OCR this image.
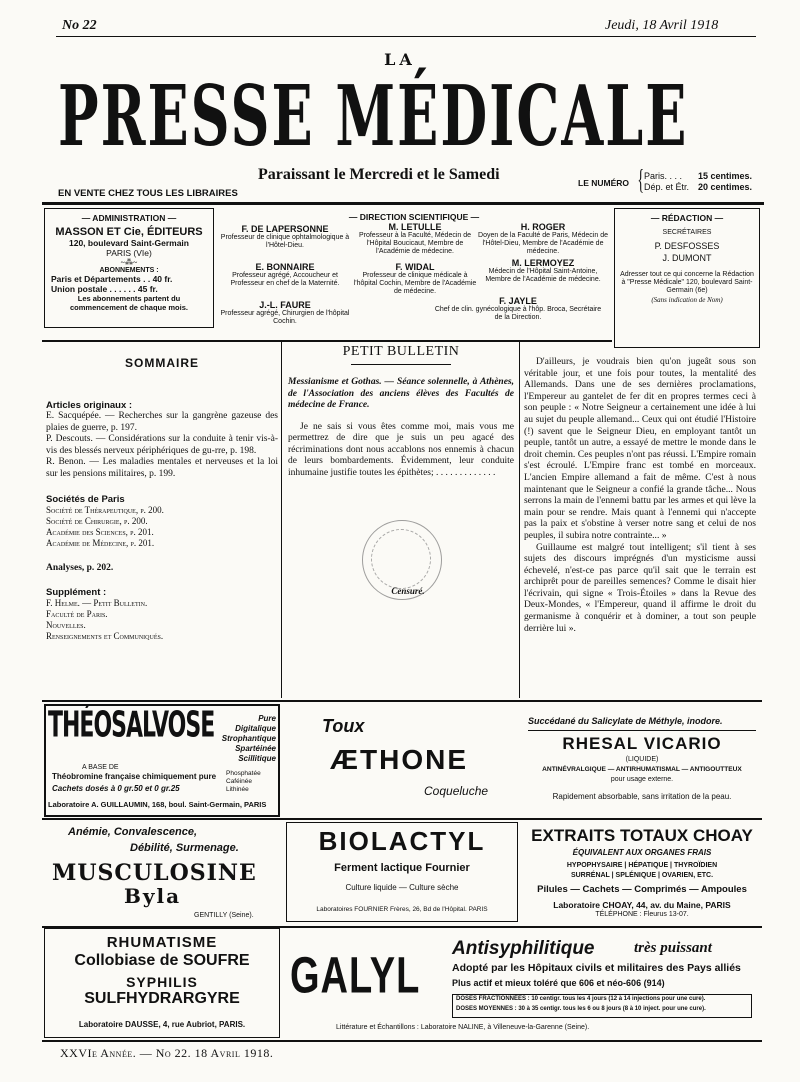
No 22	Jeudi, 18 Avril 1918
LA
PRESSE MÉDICALE
Paraissant le Mercredi et le Samedi
EN VENTE CHEZ TOUS LES LIBRAIRES
LE NUMÉRO { Paris. . . . 15 centimes.
Dép. et Étr. 20 centimes.
— ADMINISTRATION —
MASSON ET Cie, ÉDITEURS
120, boulevard Saint-Germain
PARIS (VIe)
~⁂~
ABONNEMENTS :
Paris et Départements . . 40 fr.
Union postale . . . . . . 45 fr.
Les abonnements partent du commencement de chaque mois.
— DIRECTION SCIENTIFIQUE —
F. DE LAPERSONNE
Professeur de clinique ophtalmologique à l'Hôtel-Dieu.
M. LETULLE
Professeur à la Faculté, Médecin de l'Hôpital Boucicaut, Membre de l'Académie de médecine.
H. ROGER
Doyen de la Faculté de Paris, Médecin de l'Hôtel-Dieu, Membre de l'Académie de médecine.
E. BONNAIRE
Professeur agrégé, Accoucheur et Professeur en chef de la Maternité.
F. WIDAL
Professeur de clinique médicale à l'hôpital Cochin, Membre de l'Académie de médecine.
M. LERMOYEZ
Médecin de l'Hôpital Saint-Antoine, Membre de l'Académie de médecine.
J.-L. FAURE
Professeur agrégé, Chirurgien de l'hôpital Cochin.
F. JAYLE
Chef de clin. gynécologique à l'hôp. Broca, Secrétaire de la Direction.
— RÉDACTION —
SECRÉTAIRES
P. DESFOSSES
J. DUMONT
Adresser tout ce qui concerne la Rédaction à "Presse Médicale" 120, boulevard Saint-Germain (6e)
(Sans indication de Nom)
SOMMAIRE
Articles originaux :

E. Sacquépée. — Recherches sur la gangrène gazeuse des plaies de guerre, p. 197.

P. Descouts. — Considérations sur la conduite à tenir vis-à-vis des blessés nerveux périphériques de gu-rre, p. 198.

R. Benon. — Les maladies mentales et nerveuses et la loi sur les pensions militaires, p. 199.

Sociétés de Paris
Société de Thérapeutique, p. 200.
Société de Chirurgie, p. 200.
Académie des Sciences, p. 201.
Académie de Médecine, p. 201.
Analyses, p. 202.
Supplément :
F. Helme. — Petit Bulletin.
Faculté de Paris.
Nouvelles.
Renseignements et Communiqués.
PETIT BULLETIN

Messianisme et Gothas. — Séance solennelle, à Athènes, de l'Association des anciens élèves des Facultés de médecine de France.

Je ne sais si vous êtes comme moi, mais vous me permettrez de dire que je suis un peu agacé des récriminations dont nous accablons nos ennemis à chacun de leurs bombardements. Évidemment, leur conduite inhumaine justifie toutes les épithètes; . . . . . . . . . . . . .

Censuré.

D'ailleurs, je voudrais bien qu'on jugeât sous son véritable jour, et une fois pour toutes, la mentalité des Allemands. Dans une de ses dernières proclamations, l'Empereur au gantelet de fer dit en propres termes ceci à son peuple : « Notre Seigneur a certainement une idée à lui au sujet du peuple allemand... Ceux qui ont étudié l'Histoire (!) savent que le Seigneur Dieu, en employant tantôt un peuple, tantôt un autre, a essayé de mettre le monde dans le droit chemin. Ces peuples n'ont pas réussi. L'Empire romain s'est écroulé. L'Empire franc est tombé en morceaux. L'ancien Empire allemand a fait de même. C'est à nous maintenant que le Seigneur a confié la grande tâche... Nous serrons la main de l'ennemi battu par les armes et qui lève la main pour se rendre. Mais quant à l'ennemi qui n'accepte pas la paix et s'obstine à verser notre sang et celui de nos peuples, il subira notre contrainte... »

Guillaume est malgré tout intelligent; s'il tient à ses sujets des discours imprégnés d'un mysticisme aussi échevelé, n'est-ce pas parce qu'il sait que le terrain est archiprêt pour de pareilles semences? Comme le disait hier l'écrivain, qui signe « Trois-Étoiles » dans la Revue des Deux-Mondes, « l'Empereur, quand il affirme le droit du germanisme à conquérir et à dominer, a tout son peuple derrière lui ».

THÉOSALVOSE	Pure
Digitalique
Strophantique
Spartéinée
Scillitique
A BASE DE
Théobromine française chimiquement pure
Cachets dosés à 0 gr.50 et 0 gr.25
Phosphatée
Caféinée
Lithinée
Laboratoire A. GUILLAUMIN, 168, boul. Saint-Germain, PARIS
Toux
ÆTHONE
Coqueluche
Succédané du Salicylate de Méthyle, inodore.
RHESAL VICARIO
(LIQUIDE)
ANTINÉVRALGIQUE — ANTIRHUMATISMAL — ANTIGOUTTEUX
pour usage externe.
Rapidement absorbable, sans irritation de la peau.
Anémie, Convalescence,
Débilité, Surmenage.
MUSCULOSINE
Byla
GENTILLY (Seine).
BIOLACTYL
Ferment lactique Fournier
Culture liquide — Culture sèche
Laboratoires FOURNIER Frères, 26, Bd de l'Hôpital. PARIS
EXTRAITS TOTAUX CHOAY
ÉQUIVALENT AUX ORGANES FRAIS
HYPOPHYSAIRE | HÉPATIQUE | THYROÏDIEN
SURRÉNAL | SPLÉNIQUE | OVARIEN, ETC.
Pilules — Cachets — Comprimés — Ampoules
Laboratoire CHOAY, 44, av. du Maine, PARIS
TÉLÉPHONE : Fleurus 13-07.
RHUMATISME
Collobiase de SOUFRE
SYPHILIS
SULFHYDRARGYRE
Laboratoire DAUSSE, 4, rue Aubriot, PARIS.
GALYL Antisyphilitique	très puissant
Adopté par les Hôpitaux civils et militaires des Pays alliés
Plus actif et mieux toléré que 606 et néo-606 (914)
DOSES FRACTIONNÉES : 10 centigr. tous les 4 jours (12 à 14 injections pour une cure).
DOSES MOYENNES : 30 à 35 centigr. tous les 6 ou 8 jours (8 à 10 inject. pour une cure).
Littérature et Échantillons : Laboratoire NALINE, à Villeneuve-la-Garenne (Seine).
XXVIe Année. — No 22. 18 Avril 1918.
